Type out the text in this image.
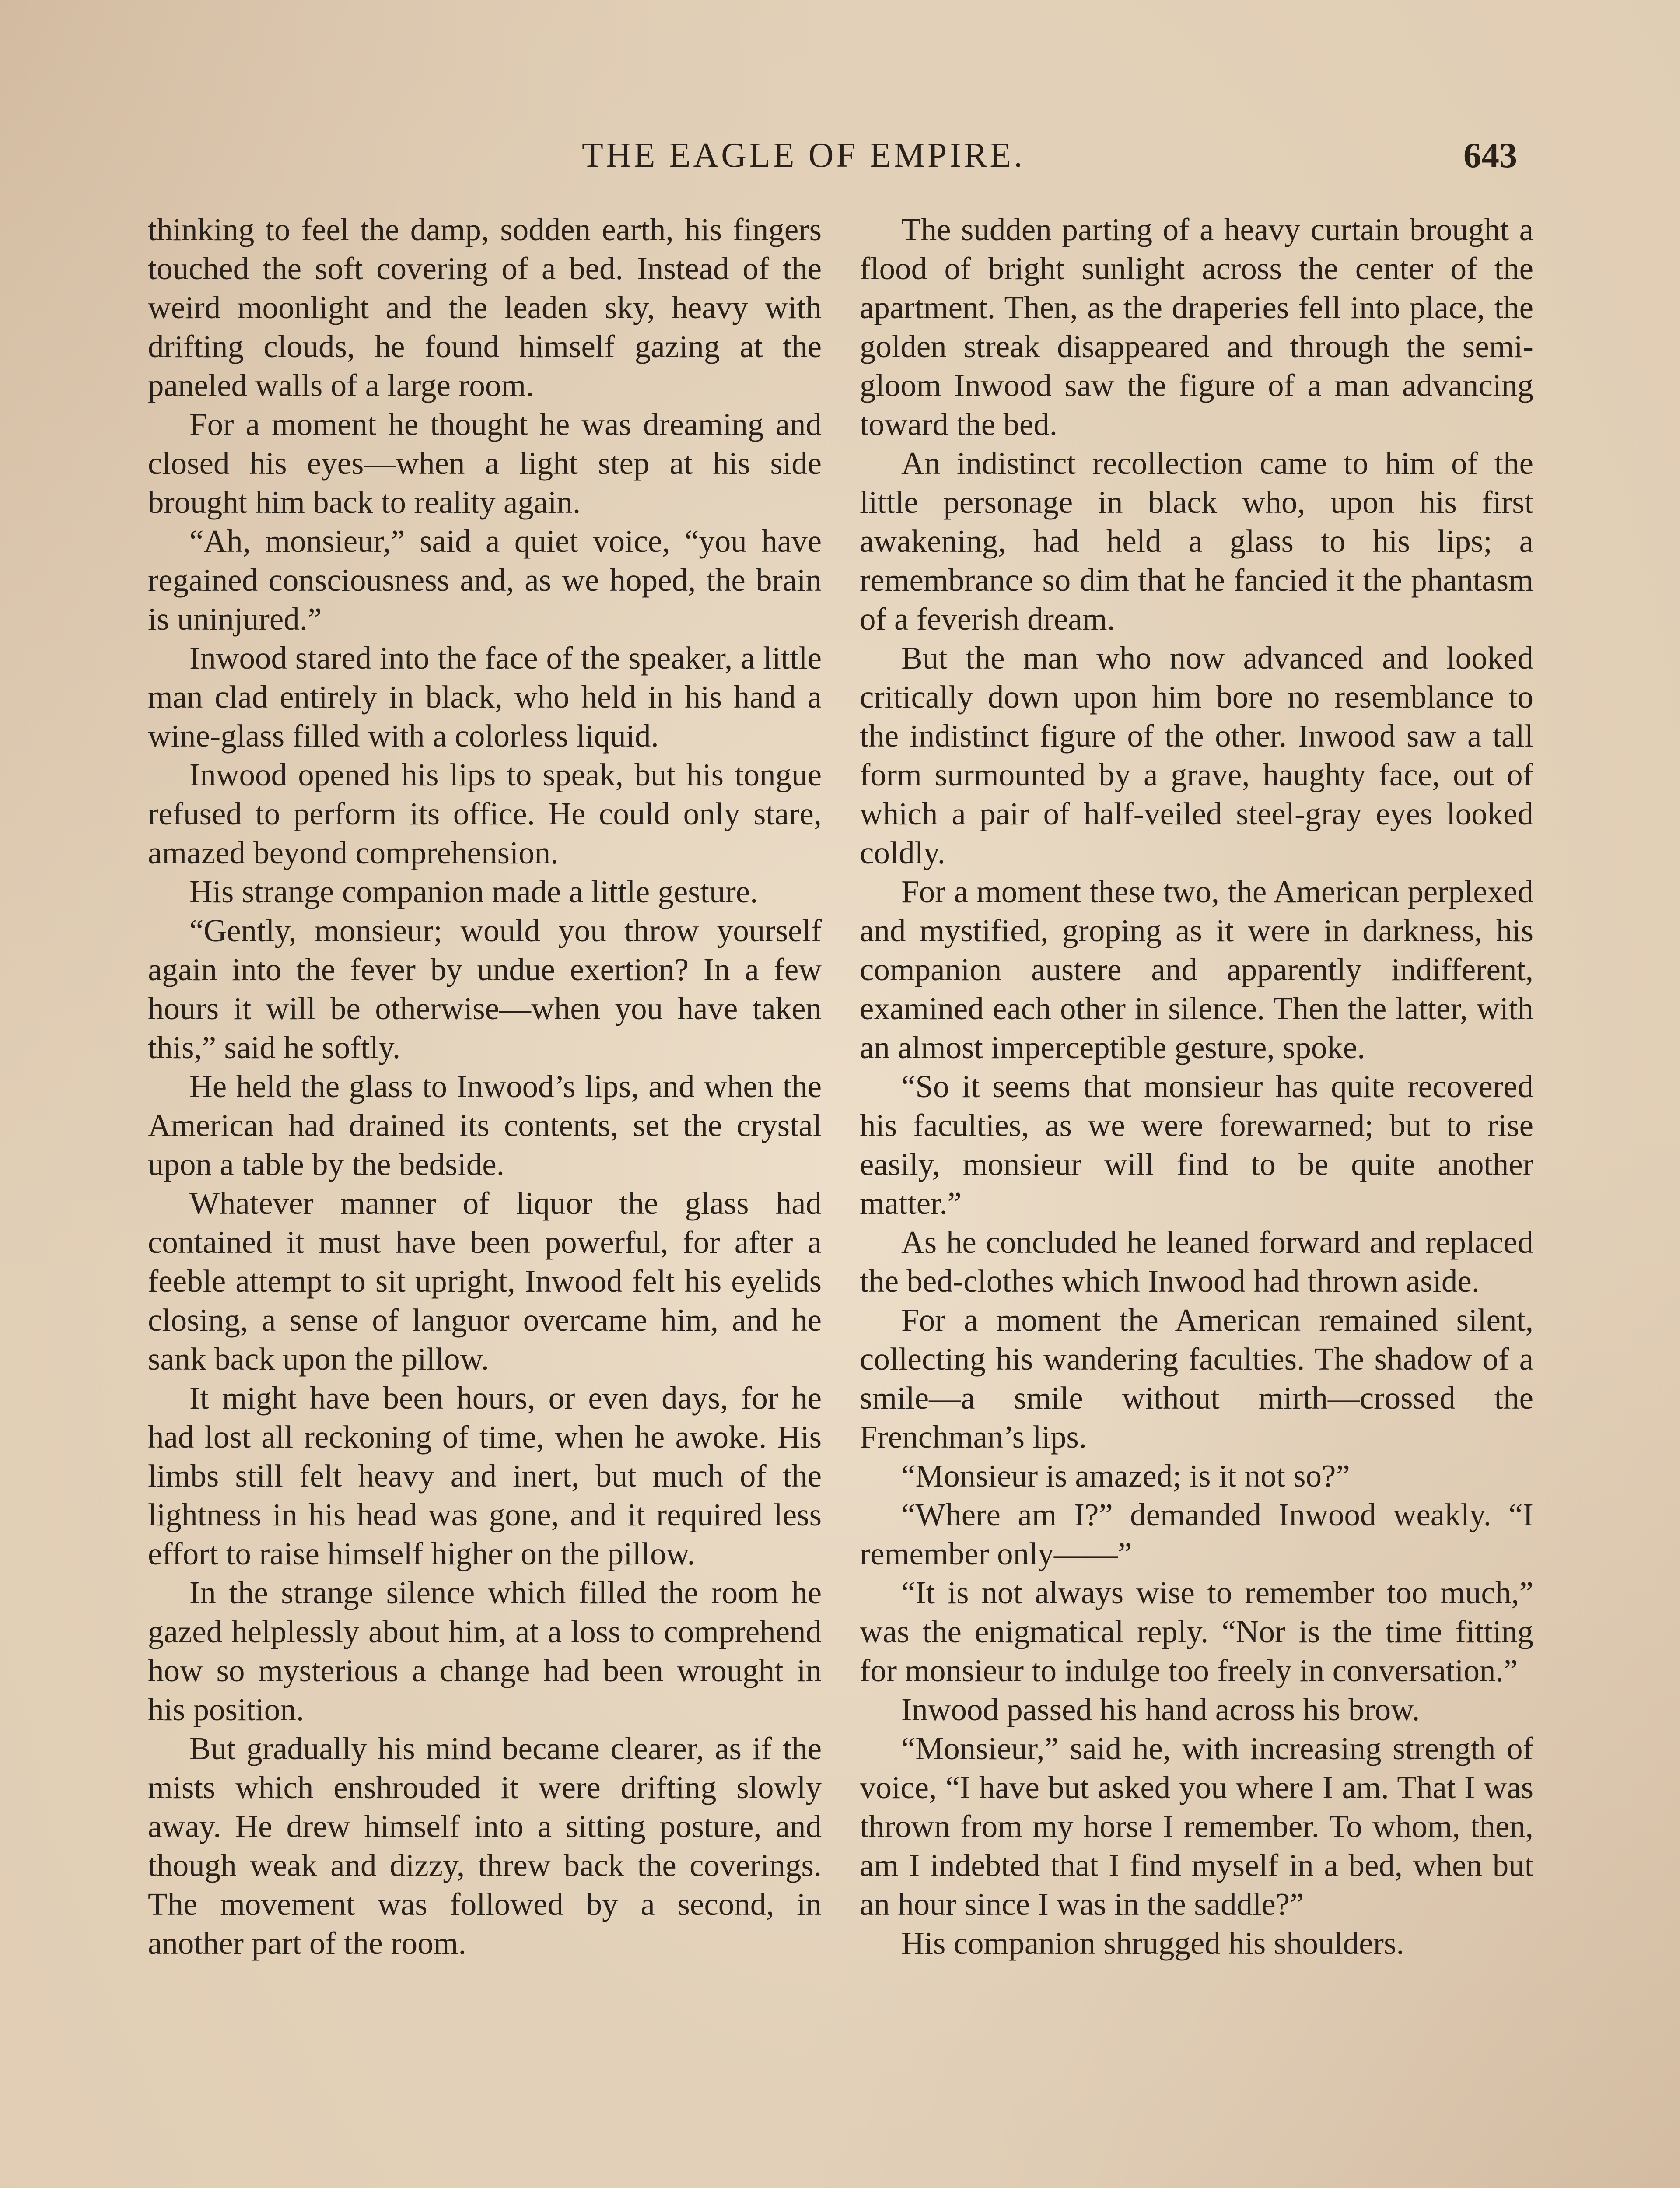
THE EAGLE OF EMPIRE.	643

thinking to feel the damp, sodden earth, his fingers touched the soft covering of a bed. Instead of the weird moonlight and the leaden sky, heavy with drifting clouds, he found himself gazing at the paneled walls of a large room.

For a moment he thought he was dreaming and closed his eyes—when a light step at his side brought him back to reality again.

“Ah, monsieur,” said a quiet voice, “you have regained consciousness and, as we hoped, the brain is uninjured.”

Inwood stared into the face of the speaker, a little man clad entirely in black, who held in his hand a wine-glass filled with a colorless liquid.

Inwood opened his lips to speak, but his tongue refused to perform its office. He could only stare, amazed beyond comprehension.

His strange companion made a little gesture.

“Gently, monsieur; would you throw yourself again into the fever by undue exertion? In a few hours it will be otherwise—when you have taken this,” said he softly.

He held the glass to Inwood’s lips, and when the American had drained its contents, set the crystal upon a table by the bedside.

Whatever manner of liquor the glass had contained it must have been powerful, for after a feeble attempt to sit upright, Inwood felt his eyelids closing, a sense of languor overcame him, and he sank back upon the pillow.

It might have been hours, or even days, for he had lost all reckoning of time, when he awoke. His limbs still felt heavy and inert, but much of the lightness in his head was gone, and it required less effort to raise himself higher on the pillow.

In the strange silence which filled the room he gazed helplessly about him, at a loss to comprehend how so mysterious a change had been wrought in his position.

But gradually his mind became clearer, as if the mists which enshrouded it were drifting slowly away. He drew himself into a sitting posture, and though weak and dizzy, threw back the coverings. The movement was followed by a second, in another part of the room.

The sudden parting of a heavy curtain brought a flood of bright sunlight across the center of the apartment. Then, as the draperies fell into place, the golden streak disappeared and through the semi-gloom Inwood saw the figure of a man advancing toward the bed.

An indistinct recollection came to him of the little personage in black who, upon his first awakening, had held a glass to his lips; a remembrance so dim that he fancied it the phantasm of a feverish dream.

But the man who now advanced and looked critically down upon him bore no resemblance to the indistinct figure of the other. Inwood saw a tall form surmounted by a grave, haughty face, out of which a pair of half-veiled steel-gray eyes looked coldly.

For a moment these two, the American perplexed and mystified, groping as it were in darkness, his companion austere and apparently indifferent, examined each other in silence. Then the latter, with an almost imperceptible gesture, spoke.

“So it seems that monsieur has quite recovered his faculties, as we were forewarned; but to rise easily, monsieur will find to be quite another matter.”

As he concluded he leaned forward and replaced the bed-clothes which Inwood had thrown aside.

For a moment the American remained silent, collecting his wandering faculties. The shadow of a smile—a smile without mirth—crossed the Frenchman’s lips.

“Monsieur is amazed; is it not so?”

“Where am I?” demanded Inwood weakly. “I remember only——”

“It is not always wise to remember too much,” was the enigmatical reply. “Nor is the time fitting for monsieur to indulge too freely in conversation.”

Inwood passed his hand across his brow.

“Monsieur,” said he, with increasing strength of voice, “I have but asked you where I am. That I was thrown from my horse I remember. To whom, then, am I indebted that I find myself in a bed, when but an hour since I was in the saddle?”

His companion shrugged his shoulders.
